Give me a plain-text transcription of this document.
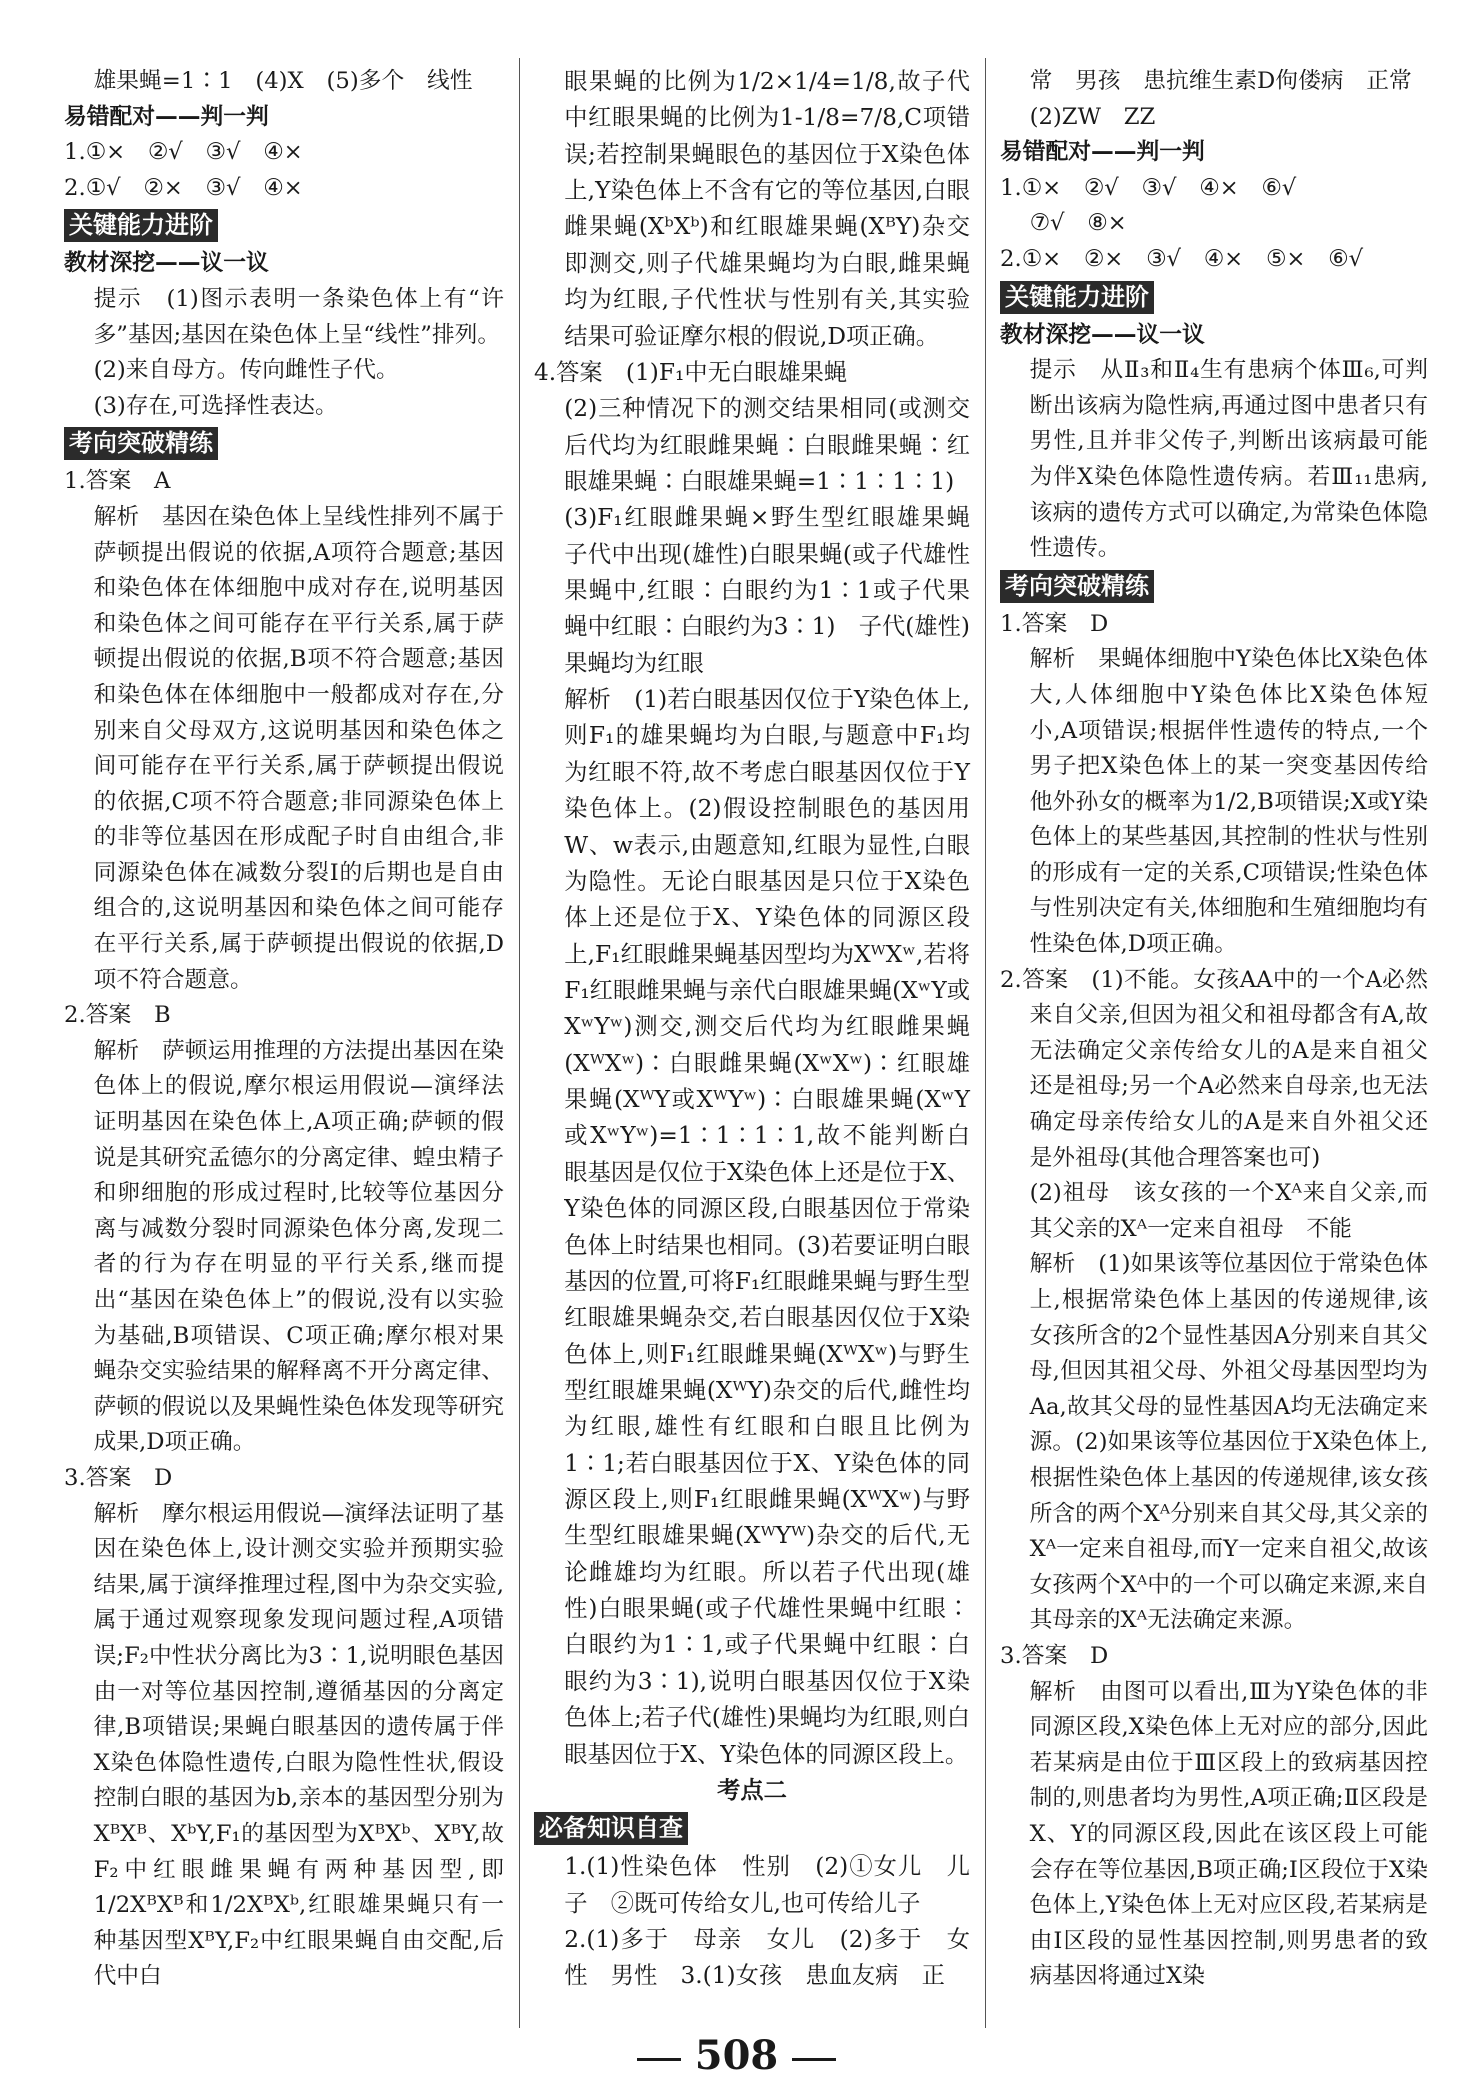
雄果蝇=1∶1　(4)X　(5)多个　线性

易错配对——判一判

1.①×　②√　③√　④×

2.①√　②×　③√　④×

关键能力进阶

教材深挖——议一议

提示　(1)图示表明一条染色体上有“许多”基因;基因在染色体上呈“线性”排列。

(2)来自母方。传向雌性子代。

(3)存在,可选择性表达。

考向突破精练

1.答案　A

解析　基因在染色体上呈线性排列不属于萨顿提出假说的依据,A项符合题意;基因和染色体在体细胞中成对存在,说明基因和染色体之间可能存在平行关系,属于萨顿提出假说的依据,B项不符合题意;基因和染色体在体细胞中一般都成对存在,分别来自父母双方,这说明基因和染色体之间可能存在平行关系,属于萨顿提出假说的依据,C项不符合题意;非同源染色体上的非等位基因在形成配子时自由组合,非同源染色体在减数分裂Ⅰ的后期也是自由组合的,这说明基因和染色体之间可能存在平行关系,属于萨顿提出假说的依据,D项不符合题意。

2.答案　B

解析　萨顿运用推理的方法提出基因在染色体上的假说,摩尔根运用假说—演绎法证明基因在染色体上,A项正确;萨顿的假说是其研究孟德尔的分离定律、蝗虫精子和卵细胞的形成过程时,比较等位基因分离与减数分裂时同源染色体分离,发现二者的行为存在明显的平行关系,继而提出“基因在染色体上”的假说,没有以实验为基础,B项错误、C项正确;摩尔根对果蝇杂交实验结果的解释离不开分离定律、萨顿的假说以及果蝇性染色体发现等研究成果,D项正确。

3.答案　D

解析　摩尔根运用假说—演绎法证明了基因在染色体上,设计测交实验并预期实验结果,属于演绎推理过程,图中为杂交实验,属于通过观察现象发现问题过程,A项错误;F₂中性状分离比为3∶1,说明眼色基因由一对等位基因控制,遵循基因的分离定律,B项错误;果蝇白眼基因的遗传属于伴X染色体隐性遗传,白眼为隐性性状,假设控制白眼的基因为b,亲本的基因型分别为XᴮXᴮ、XᵇY,F₁的基因型为XᴮXᵇ、XᴮY,故F₂中红眼雌果蝇有两种基因型,即1/2XᴮXᴮ和1/2XᴮXᵇ,红眼雄果蝇只有一种基因型XᴮY,F₂中红眼果蝇自由交配,后代中白

眼果蝇的比例为1/2×1/4=1/8,故子代中红眼果蝇的比例为1-1/8=7/8,C项错误;若控制果蝇眼色的基因位于X染色体上,Y染色体上不含有它的等位基因,白眼雌果蝇(XᵇXᵇ)和红眼雄果蝇(XᴮY)杂交即测交,则子代雄果蝇均为白眼,雌果蝇均为红眼,子代性状与性别有关,其实验结果可验证摩尔根的假说,D项正确。

4.答案　(1)F₁中无白眼雄果蝇

(2)三种情况下的测交结果相同(或测交后代均为红眼雌果蝇∶白眼雌果蝇∶红眼雄果蝇∶白眼雄果蝇=1∶1∶1∶1)

(3)F₁红眼雌果蝇×野生型红眼雄果蝇　子代中出现(雄性)白眼果蝇(或子代雄性果蝇中,红眼∶白眼约为1∶1或子代果蝇中红眼∶白眼约为3∶1)　子代(雄性)果蝇均为红眼

解析　(1)若白眼基因仅位于Y染色体上,则F₁的雄果蝇均为白眼,与题意中F₁均为红眼不符,故不考虑白眼基因仅位于Y染色体上。(2)假设控制眼色的基因用W、w表示,由题意知,红眼为显性,白眼为隐性。无论白眼基因是只位于X染色体上还是位于X、Y染色体的同源区段上,F₁红眼雌果蝇基因型均为XᵂXʷ,若将F₁红眼雌果蝇与亲代白眼雄果蝇(XʷY或XʷYʷ)测交,测交后代均为红眼雌果蝇(XᵂXʷ)∶白眼雌果蝇(XʷXʷ)∶红眼雄果蝇(XᵂY或XᵂYʷ)∶白眼雄果蝇(XʷY或XʷYʷ)=1∶1∶1∶1,故不能判断白眼基因是仅位于X染色体上还是位于X、Y染色体的同源区段,白眼基因位于常染色体上时结果也相同。(3)若要证明白眼基因的位置,可将F₁红眼雌果蝇与野生型红眼雄果蝇杂交,若白眼基因仅位于X染色体上,则F₁红眼雌果蝇(XᵂXʷ)与野生型红眼雄果蝇(XᵂY)杂交的后代,雌性均为红眼,雄性有红眼和白眼且比例为1∶1;若白眼基因位于X、Y染色体的同源区段上,则F₁红眼雌果蝇(XᵂXʷ)与野生型红眼雄果蝇(XᵂYᵂ)杂交的后代,无论雌雄均为红眼。所以若子代出现(雄性)白眼果蝇(或子代雄性果蝇中红眼∶白眼约为1∶1,或子代果蝇中红眼∶白眼约为3∶1),说明白眼基因仅位于X染色体上;若子代(雄性)果蝇均为红眼,则白眼基因位于X、Y染色体的同源区段上。

考点二

必备知识自查

1.(1)性染色体　性别　(2)①女儿　儿子　②既可传给女儿,也可传给儿子

2.(1)多于　母亲　女儿　(2)多于　女性　男性　3.(1)女孩　患血友病　正

常　男孩　患抗维生素D佝偻病　正常

(2)ZW　ZZ

易错配对——判一判

1.①×　②√　③√　④×　⑥√

⑦√　⑧×

2.①×　②×　③√　④×　⑤×　⑥√

关键能力进阶

教材深挖——议一议

提示　从Ⅱ₃和Ⅱ₄生有患病个体Ⅲ₆,可判断出该病为隐性病,再通过图中患者只有男性,且并非父传子,判断出该病最可能为伴X染色体隐性遗传病。若Ⅲ₁₁患病,该病的遗传方式可以确定,为常染色体隐性遗传。

考向突破精练

1.答案　D

解析　果蝇体细胞中Y染色体比X染色体大,人体细胞中Y染色体比X染色体短小,A项错误;根据伴性遗传的特点,一个男子把X染色体上的某一突变基因传给他外孙女的概率为1/2,B项错误;X或Y染色体上的某些基因,其控制的性状与性别的形成有一定的关系,C项错误;性染色体与性别决定有关,体细胞和生殖细胞均有性染色体,D项正确。

2.答案　(1)不能。女孩AA中的一个A必然来自父亲,但因为祖父和祖母都含有A,故无法确定父亲传给女儿的A是来自祖父还是祖母;另一个A必然来自母亲,也无法确定母亲传给女儿的A是来自外祖父还是外祖母(其他合理答案也可)

(2)祖母　该女孩的一个Xᴬ来自父亲,而其父亲的Xᴬ一定来自祖母　不能

解析　(1)如果该等位基因位于常染色体上,根据常染色体上基因的传递规律,该女孩所含的2个显性基因A分别来自其父母,但因其祖父母、外祖父母基因型均为Aa,故其父母的显性基因A均无法确定来源。(2)如果该等位基因位于X染色体上,根据性染色体上基因的传递规律,该女孩所含的两个Xᴬ分别来自其父母,其父亲的Xᴬ一定来自祖母,而Y一定来自祖父,故该女孩两个Xᴬ中的一个可以确定来源,来自其母亲的Xᴬ无法确定来源。

3.答案　D

解析　由图可以看出,Ⅲ为Y染色体的非同源区段,X染色体上无对应的部分,因此若某病是由位于Ⅲ区段上的致病基因控制的,则患者均为男性,A项正确;Ⅱ区段是X、Y的同源区段,因此在该区段上可能会存在等位基因,B项正确;Ⅰ区段位于X染色体上,Y染色体上无对应区段,若某病是由Ⅰ区段的显性基因控制,则男患者的致病基因将通过X染

508
